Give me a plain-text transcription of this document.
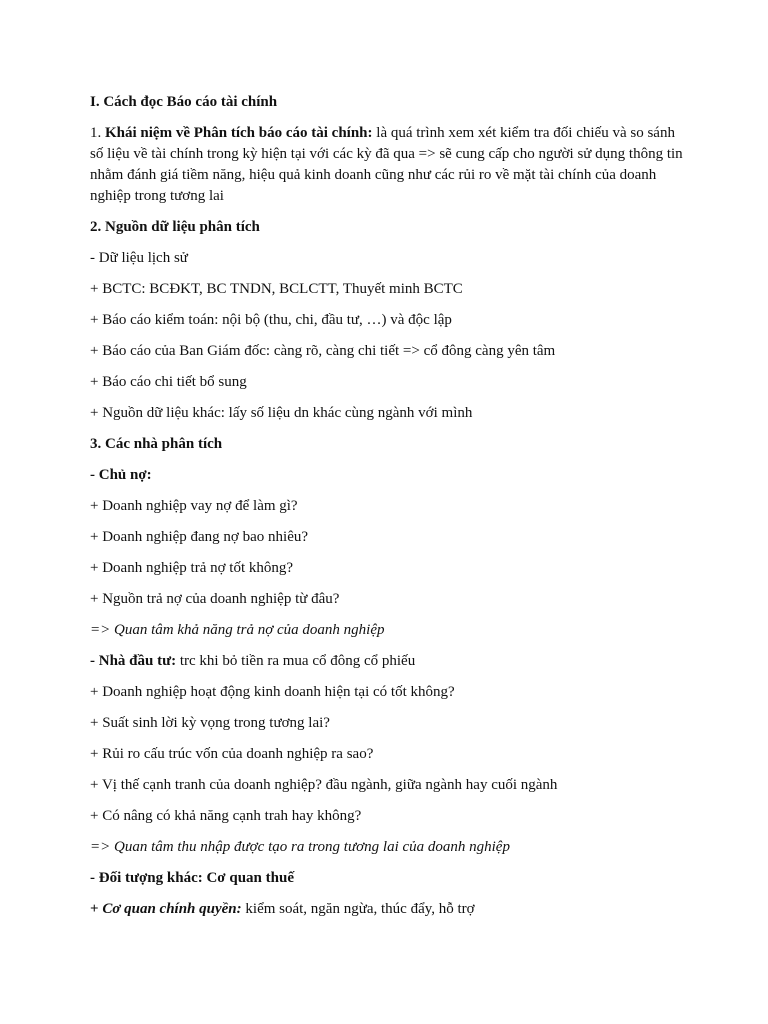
I. Cách đọc Báo cáo tài chính

1. Khái niệm về Phân tích báo cáo tài chính: là quá trình xem xét kiểm tra đối chiếu và so sánh số liệu về tài chính trong kỳ hiện tại với các kỳ đã qua => sẽ cung cấp cho người sử dụng thông tin nhằm đánh giá tiềm năng, hiệu quả kinh doanh cũng như các rủi ro về mặt tài chính của doanh nghiệp trong tương lai

2. Nguồn dữ liệu phân tích

- Dữ liệu lịch sử

+ BCTC: BCĐKT, BC TNDN, BCLCTT, Thuyết minh BCTC

+ Báo cáo kiểm toán: nội bộ (thu, chi, đầu tư, …) và độc lập

+ Báo cáo của Ban Giám đốc: càng rõ, càng chi tiết => cổ đông càng yên tâm

+ Báo cáo chi tiết bổ sung

+ Nguồn dữ liệu khác: lấy số liệu dn khác cùng ngành với mình

3. Các nhà phân tích

- Chủ nợ:

+ Doanh nghiệp vay nợ để làm gì?

+ Doanh nghiệp đang nợ bao nhiêu?

+ Doanh nghiệp trả nợ tốt không?

+ Nguồn trả nợ của doanh nghiệp từ đâu?

=> Quan tâm khả năng trả nợ của doanh nghiệp

- Nhà đầu tư: trc khi bỏ tiền ra mua cổ đông cổ phiếu

+ Doanh nghiệp hoạt động kinh doanh hiện tại có tốt không?

+ Suất sinh lời kỳ vọng trong tương lai?

+ Rủi ro cấu trúc vốn của doanh nghiệp ra sao?

+ Vị thế cạnh tranh của doanh nghiệp? đầu ngành, giữa ngành hay cuối ngành

+ Có nâng có khả năng cạnh trah hay không?

=> Quan tâm thu nhập được tạo ra trong tương lai của doanh nghiệp

- Đối tượng khác: Cơ quan thuế

+ Cơ quan chính quyền: kiểm soát, ngăn ngừa, thúc đẩy, hỗ trợ
